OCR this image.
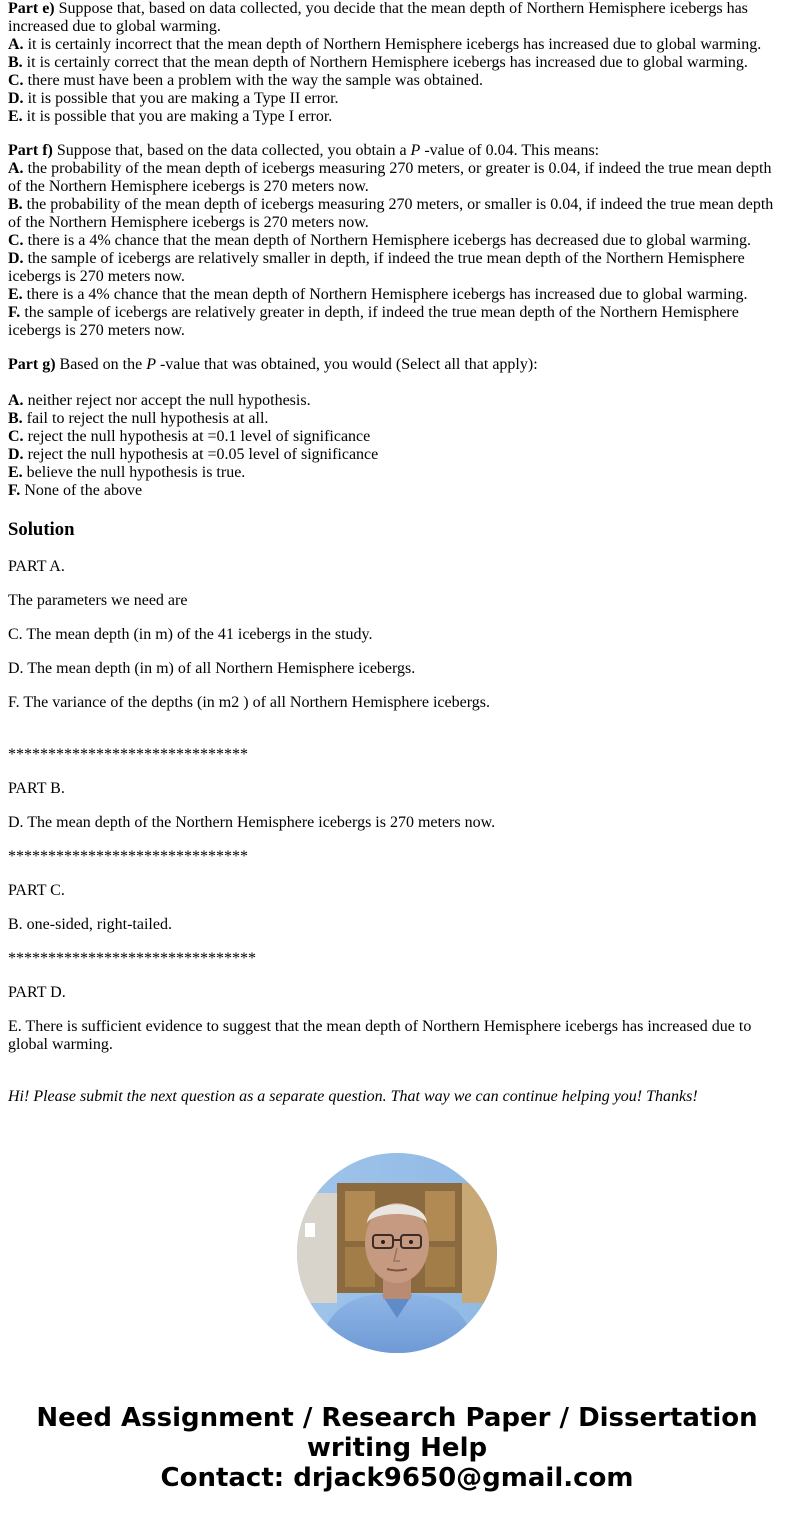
Part e) Suppose that, based on data collected, you decide that the mean depth of Northern Hemisphere icebergs has increased due to global warming.
A. it is certainly incorrect that the mean depth of Northern Hemisphere icebergs has increased due to global warming.
B. it is certainly correct that the mean depth of Northern Hemisphere icebergs has increased due to global warming.
C. there must have been a problem with the way the sample was obtained.
D. it is possible that you are making a Type II error.
E. it is possible that you are making a Type I error.
Part f) Suppose that, based on the data collected, you obtain a P -value of 0.04. This means:
A. the probability of the mean depth of icebergs measuring 270 meters, or greater is 0.04, if indeed the true mean depth of the Northern Hemisphere icebergs is 270 meters now.
B. the probability of the mean depth of icebergs measuring 270 meters, or smaller is 0.04, if indeed the true mean depth of the Northern Hemisphere icebergs is 270 meters now.
C. there is a 4% chance that the mean depth of Northern Hemisphere icebergs has decreased due to global warming.
D. the sample of icebergs are relatively smaller in depth, if indeed the true mean depth of the Northern Hemisphere icebergs is 270 meters now.
E. there is a 4% chance that the mean depth of Northern Hemisphere icebergs has increased due to global warming.
F. the sample of icebergs are relatively greater in depth, if indeed the true mean depth of the Northern Hemisphere icebergs is 270 meters now.
Part g) Based on the P -value that was obtained, you would (Select all that apply):
A. neither reject nor accept the null hypothesis.
B. fail to reject the null hypothesis at all.
C. reject the null hypothesis at =0.1 level of significance
D. reject the null hypothesis at =0.05 level of significance
E. believe the null hypothesis is true.
F. None of the above
Solution

PART A.

The parameters we need are

C. The mean depth (in m) of the 41 icebergs in the study.

D. The mean depth (in m) of all Northern Hemisphere icebergs.

F. The variance of the depths (in m2 ) of all Northern Hemisphere icebergs.

******************************

PART B.

D. The mean depth of the Northern Hemisphere icebergs is 270 meters now.

******************************

PART C.

B. one-sided, right-tailed.

*******************************

PART D.

E. There is sufficient evidence to suggest that the mean depth of Northern Hemisphere icebergs has increased due to global warming.

Hi! Please submit the next question as a separate question. That way we can continue helping you! Thanks!

Need Assignment / Research Paper / Dissertation
writing Help
Contact: drjack9650@gmail.com
